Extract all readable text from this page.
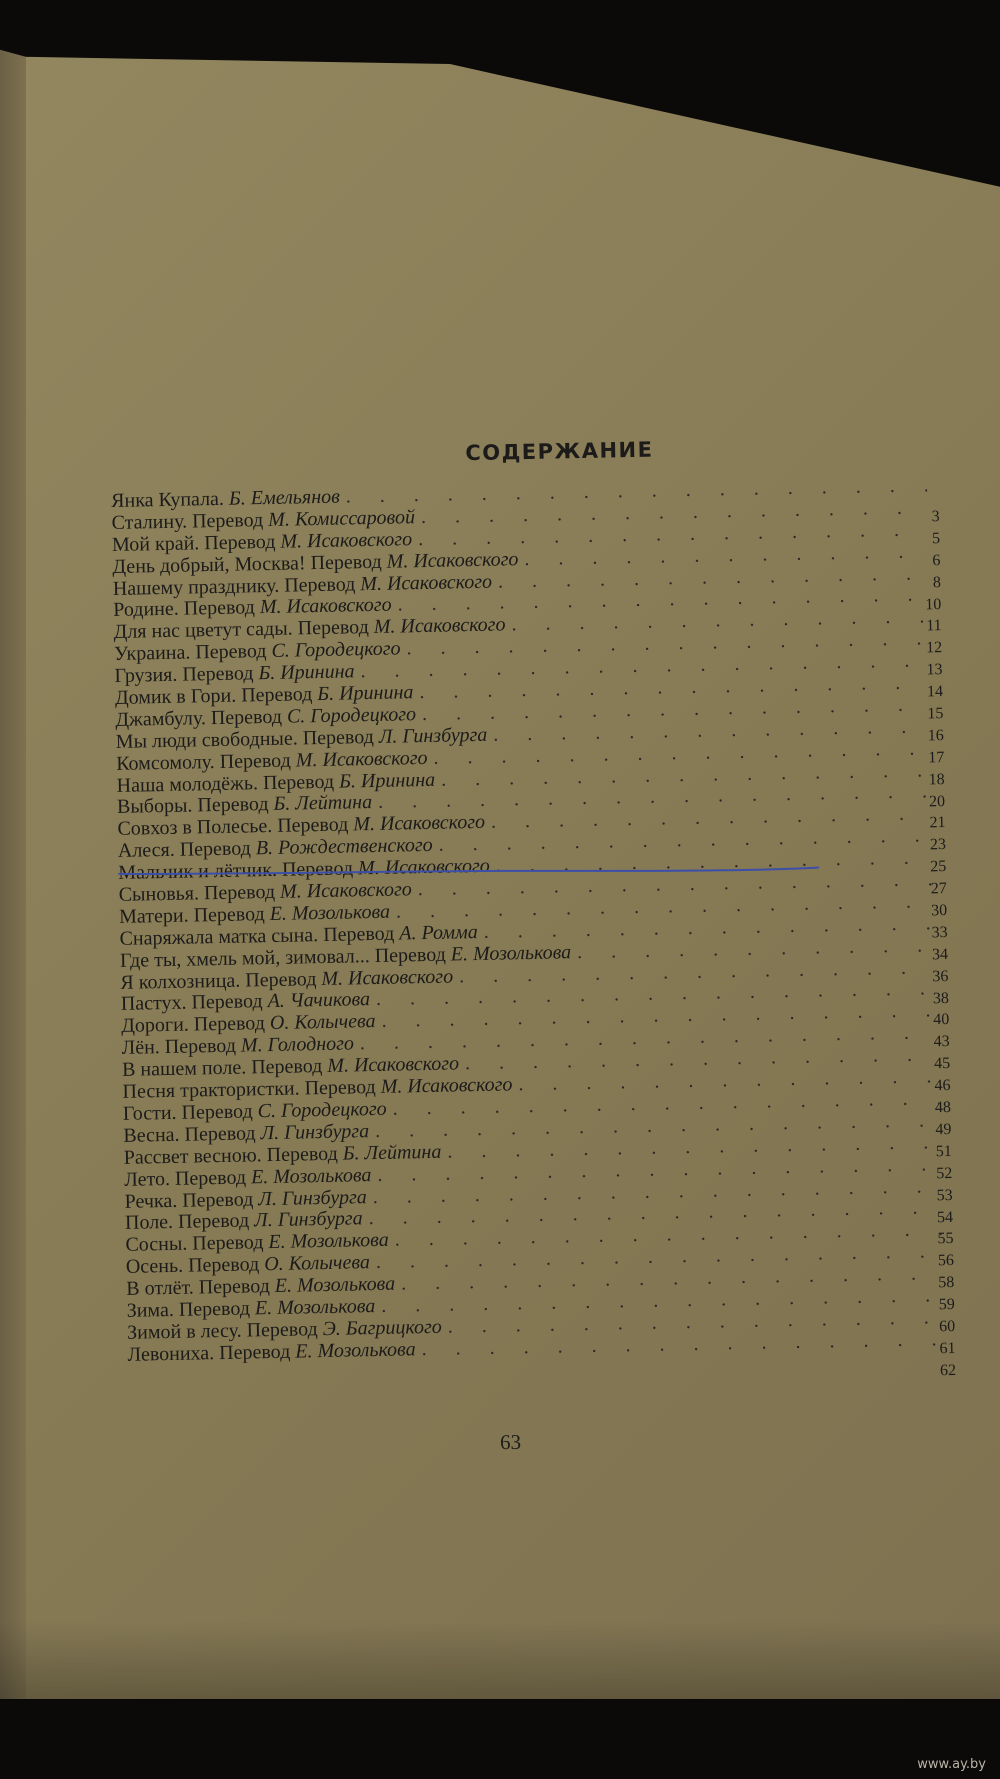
СОДЕРЖАНИЕ
Янка Купала.
Б. Емельянов
. . .
Сталину.
Перевод
М. Комиссаровой
. . .
Мой край.
Перевод
М. Исаковского
. . .
День добрый, Москва!
Перевод
М. Исаковского
. . .
Нашему празднику.
Перевод
М. Исаковского
. . .
Родине.
Перевод
М. Исаковского
. . .
Для нас цветут сады.
Перевод
М. Исаковского
. . .
Украина.
Перевод
С. Городецкого
. . .
Грузия.
Перевод
Б. Иринина
. . .
Домик в Гори.
Перевод
Б. Иринина
. . .
Джамбулу.
Перевод
С. Городецкого
. . .
Мы люди свободные.
Перевод
Л. Гинзбурга
. . .
Комсомолу.
Перевод
М. Исаковского
. . .
Наша молодёжь.
Перевод
Б. Иринина
. . .
Выборы.
Перевод
Б. Лейтина
. . .
Совхоз в Полесье.
Перевод
М. Исаковского
. . .
Алеся.
Перевод
В. Рождественского
. . .
Мальчик и лётчик.
Перевод
М. Исаковского
. . .
Сыновья.
Перевод
М. Исаковского
. . .
Матери.
Перевод
Е. Мозолькова
. . .
Снаряжала матка сына.
Перевод
А. Ромма
. . .
Где ты, хмель мой, зимовал...
Перевод
Е. Мозолькова
. . .
Я колхозница.
Перевод
М. Исаковского
. . .
Пастух.
Перевод
А. Чачикова
. . .
Дороги.
Перевод
О. Колычева
. . .
Лён.
Перевод
М. Голодного
. . .
В нашем поле.
Перевод
М. Исаковского
. . .
Песня трактористки.
Перевод
М. Исаковского
. . .
Гости.
Перевод
С. Городецкого
. . .
Весна.
Перевод
Л. Гинзбурга
. . .
Рассвет весною.
Перевод
Б. Лейтина
. . .
Лето.
Перевод
Е. Мозолькова
. . .
Речка.
Перевод
Л. Гинзбурга
. . .
Поле.
Перевод
Л. Гинзбурга
. . .
Сосны.
Перевод
Е. Мозолькова
. . .
Осень.
Перевод
О. Колычева
. . .
В отлёт.
Перевод
Е. Мозолькова
. . .
Зима.
Перевод
Е. Мозолькова
. . .
Зимой в лесу.
Перевод
Э. Багрицкого
. . .
Левониха.
Перевод
Е. Мозолькова
. . .
3
5
6
8
10
11
12
13
14
15
16
17
18
20
21
23
25
27
30
33
34
36
38
40
43
45
46
48
49
51
52
53
54
55
56
58
59
60
61
62
63
www.ay.by
